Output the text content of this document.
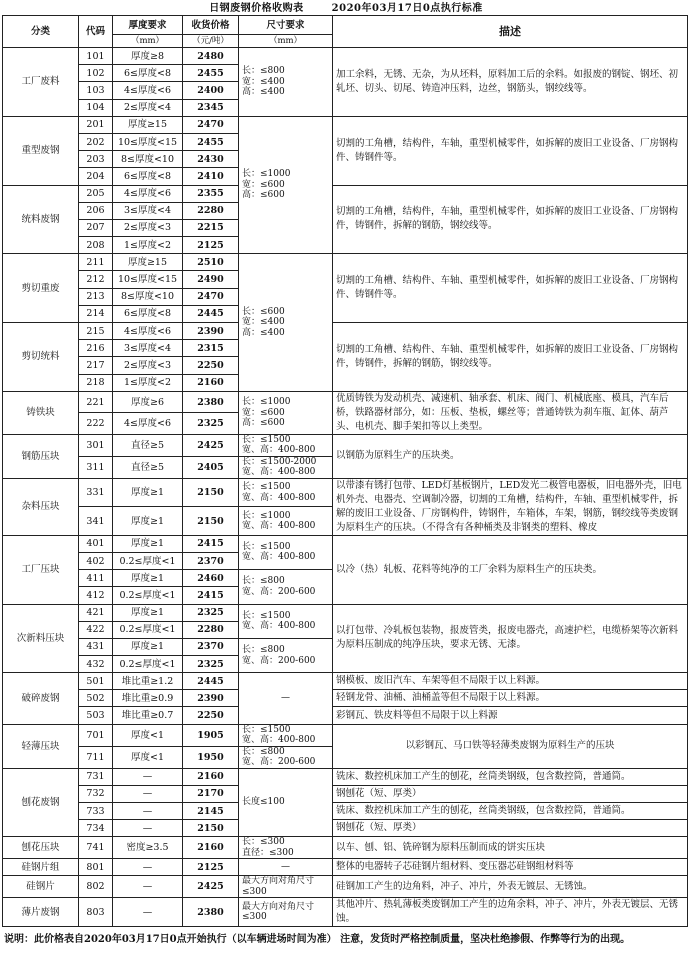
日钢废钢价格收购表	2020年03月17日0点执行标准
分类	代码	厚度要求	收货价格	尺寸要求	描述
		（mm）	（元/吨）	（mm）	
工厂废料	101	厚度≥8	2480	长：≤800
宽：≤400
高：≤400	加工余料，无锈、无杂，为从坯料，原料加工后的余料。如报废的钢锭、钢坯、初轧坯、切头、切尾、铸造冲压料，边丝，钢筋头，钢绞线等。
	102	6≤厚度<8	2455		
	103	4≤厚度<6	2400		
	104	2≤厚度<4	2345		
重型废钢	201	厚度≥15	2470	长：≤1000
宽：≤600
高：≤600	切割的工角槽，结构件，车轴，重型机械零件，如拆解的废旧工业设备、厂房钢构件、铸钢件等。
	202	10≤厚度<15	2455		
	203	8≤厚度<10	2430		
	204	6≤厚度<8	2410		
统料废钢	205	4≤厚度<6	2355		切割的工角槽，结构件，车轴，重型机械零件，如拆解的废旧工业设备、厂房钢构件，铸钢件，拆解的钢筋，钢绞线等。
	206	3≤厚度<4	2280		
	207	2≤厚度<3	2215		
	208	1≤厚度<2	2125		
剪切重废	211	厚度≥15	2510	长：≤600
宽：≤400
高：≤400	切割的工角槽、结构件、车轴、重型机械零件，如拆解的废旧工业设备、厂房钢构件、铸钢件等。
	212	10≤厚度<15	2490		
	213	8≤厚度<10	2470		
	214	6≤厚度<8	2445		
剪切统料	215	4≤厚度<6	2390		切割的工角槽、结构件、车轴、重型机械零件，如拆解的废旧工业设备、厂房钢构件，铸钢件，拆解的钢筋，钢绞线等。
	216	3≤厚度<4	2315		
	217	2≤厚度<3	2250		
	218	1≤厚度<2	2160		
铸铁块	221	厚度≥6	2380	长：≤1000
宽：≤600
高：≤600	优质铸铁为发动机壳、减速机、轴承套、机床、阀门、机械底座、模具，汽车后桥，铁路器材部分，如：压板、垫板，螺丝等；普通铸铁为刹车瓶、缸体、葫芦头、电机壳、脚手架扣等以上类型。
	222	4≤厚度<6	2325		
钢筋压块	301	直径≥5	2425	长：≤1500
宽、高：400-800	以钢筋为原料生产的压块类。
	311	直径≥5	2405	长：≤1500-2000
宽、高：400-800	
杂料压块	331	厚度≥1	2150	长：≤1500
宽、高：400-800	以带漆有锈打包带、LED灯基板钢片，LED发光二极管电器板，旧电器外壳，旧电机外壳、电器壳、空调制冷器，切割的工角槽，结构件，车轴、重型机械零件，拆解的废旧工业设备、厂房钢构件，铸钢件，车箱体，车架，钢筋，钢绞线等类废钢为原料生产的压块。（不得含有各种桶类及非钢类的塑料、橡皮
	341	厚度≥1	2150	长：≤1000
宽、高：400-800	
工厂压块	401	厚度≥1	2415	长：≤1500
宽、高：400-800	以冷（热）轧板、花料等纯净的工厂余料为原料生产的压块类。
	402	0.2≤厚度<1	2370		
	411	厚度≥1	2460	长：≤800
宽、高：200-600	
	412	0.2≤厚度<1	2415		
次新料压块	421	厚度≥1	2325	长：≤1500
宽、高：400-800	以打包带、冷轧板包装物，报废管类，报废电器壳，高速护栏，电缆桥架等次新料为原料压制成的纯净压块，要求无锈、无漆。
	422	0.2≤厚度<1	2280		
	431	厚度≥1	2370	长：≤800
宽、高：200-600	
	432	0.2≤厚度<1	2325		
破碎废钢	501	堆比重≥1.2	2445	—	钢模板、废旧汽车、车架等但不局限于以上料源。
	502	堆比重≥0.9	2390		轻钢龙骨、油桶、油桶盖等但不局限于以上料源。
	503	堆比重≥0.7	2250		彩钢瓦、铁皮料等但不局限于以上料源
轻薄压块	701	厚度<1	1905	长：≤1500
宽、高：400-800	以彩钢瓦、马口铁等轻薄类废钢为原料生产的压块
	711	厚度<1	1950	长：≤800
宽、高：200-600	
刨花废钢	731	—	2160	长度≤100	铣床、数控机床加工产生的刨花，丝筒类钢级，包含数控筒，普通筒。
	732	—	2170		钢刨花（短、厚类）
	733	—	2145		铣床、数控机床加工产生的刨花，丝筒类钢级，包含数控筒，普通筒。
	734	—	2150		钢刨花（短、厚类）
刨花压块	741	密度≥3.5	2160	长：≤300
直径：≤300	以车、刨、铝、铣碎钢为原料压制而成的饼实压块
硅钢片组	801	—	2125	—	整体的电器转子芯硅钢片组材料、变压器芯硅钢组材料等
硅钢片	802	—	2425	最大方向对角尺寸≤300	硅钢加工产生的边角料，冲子、冲片，外表无镀层、无锈蚀。
薄片废钢	803	—	2380	最大方向对角尺寸≤300	其他冲片、热轧薄板类废钢加工产生的边角余料，冲子、冲片，外表无镀层、无锈蚀。
说明：此价格表自2020年03月17日0点开始执行（以车辆进场时间为准） 注意，发货时严格控制质量，坚决杜绝掺假、作弊等行为的出现。
